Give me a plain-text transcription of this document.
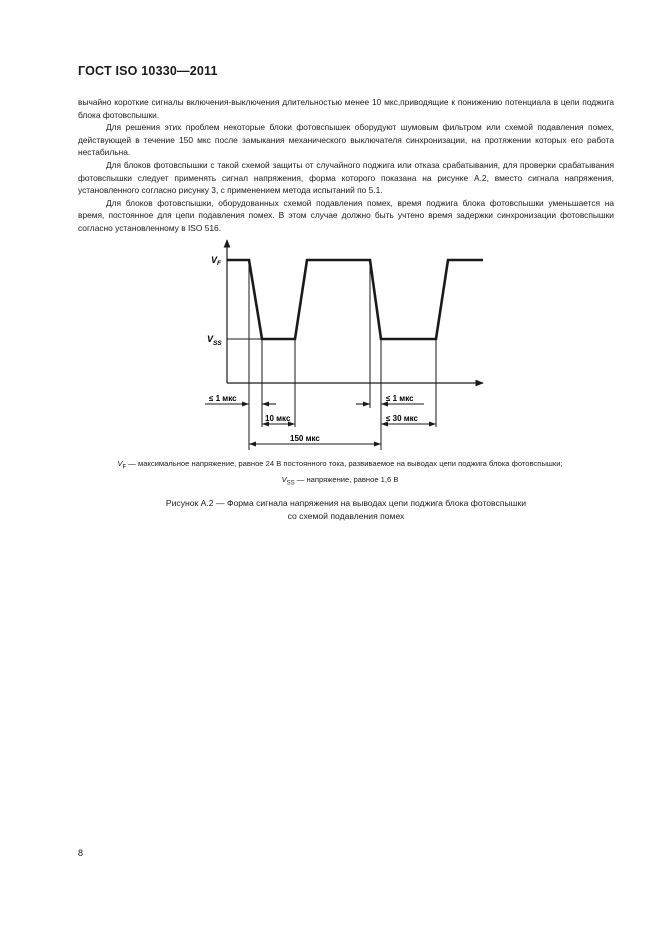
ГОСТ ISO 10330—2011

вычайно короткие сигналы включения-выключения длительностью менее 10 мкс,приводящие к понижению потенциала в цепи поджига блока фотовспышки.

Для решения этих проблем некоторые блоки фотовспышек оборудуют шумовым фильтром или схемой подавления помех, действующей в течение 150 мкс после замыкания механического выключателя синхронизации, на протяжении которых его работа нестабильна.

Для блоков фотовспышки с такой схемой защиты от случайного поджига или отказа срабатывания, для проверки срабатывания фотовспышки следует применять сигнал напряжения, форма которого показана на рисунке А.2, вместо сигнала напряжения, установленного согласно рисунку 3, с применением метода испытаний по 5.1.

Для блоков фотовспышки, оборудованных схемой подавления помех, время поджига блока фотовспышки уменьшается на время, постоянное для цепи подавления помех. В этом случае должно быть учтено время задержки синхронизации фотовспышки согласно установленному в ISO 516.

$V_F$
$V_{SS}$
≤ 1 мкс
10 мкс
≤ 1 мкс
≤ 30 мкс
150 мкс
$V_F$ — максимальное напряжение, равное 24 В постоянного тока, развиваемое на выводах цепи поджига блока фотовспышки;
$V_{SS}$ — напряжение, равное 1,6 В
Рисунок А.2 — Форма сигнала напряжения на выводах цепи поджига блока фотовспышки
со схемой подавления помех
8
